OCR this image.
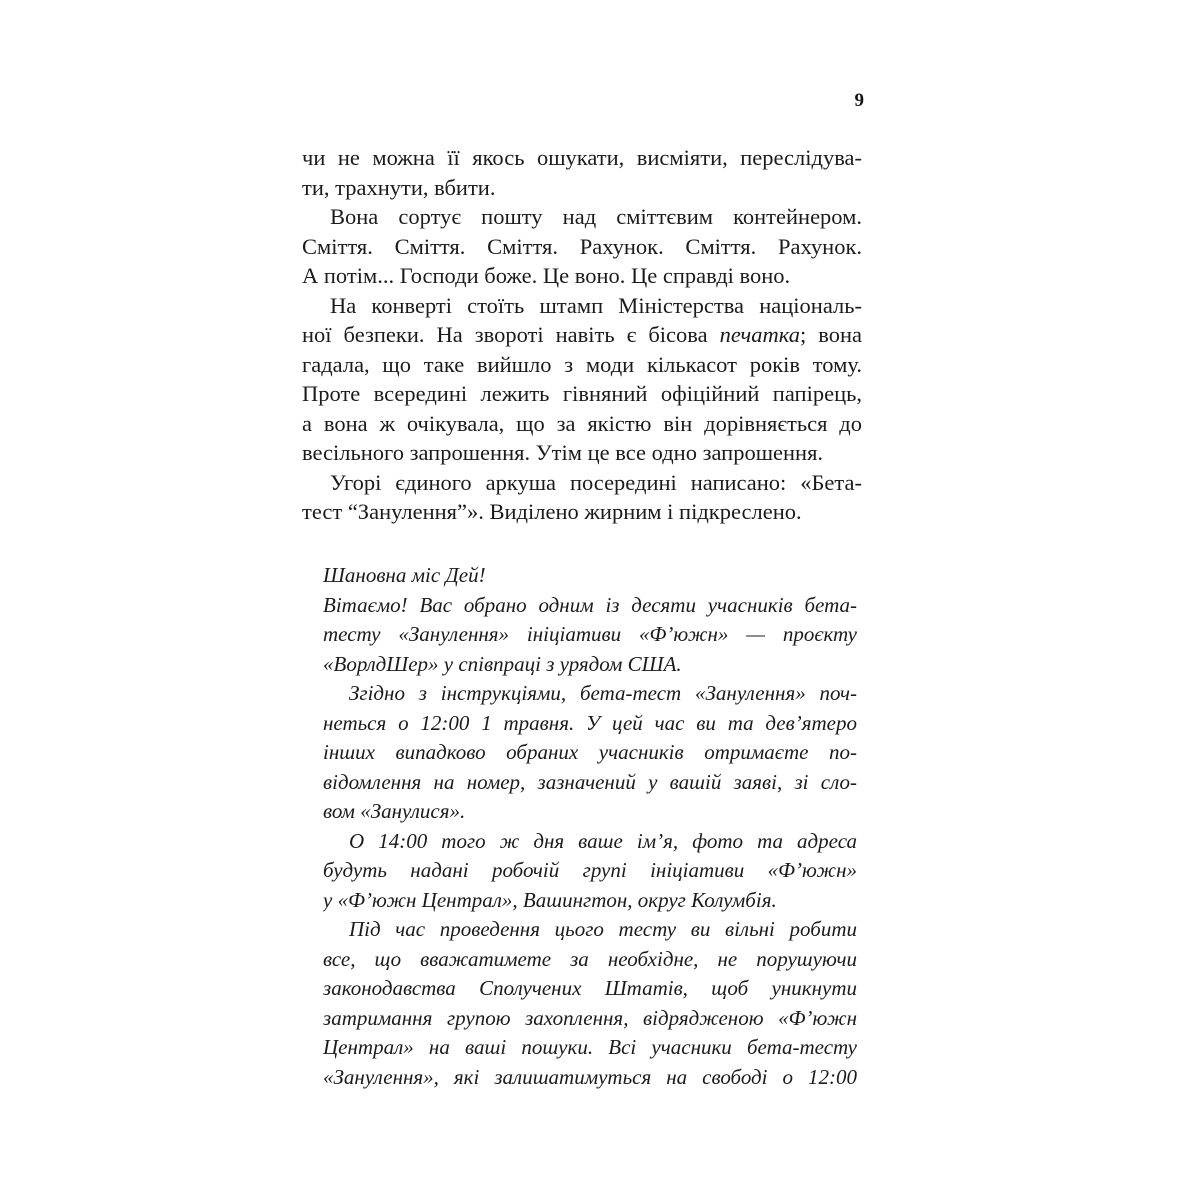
9
чи не можна її якось ошукати, висміяти, переслідува-
ти, трахнути, вбити.
Вона сортує пошту над сміттєвим контейнером.
Сміття. Сміття. Сміття. Рахунок. Сміття. Рахунок.
А потім... Господи боже. Це воно. Це справді воно.
На конверті стоїть штамп Міністерства національ-
ної безпеки. На звороті навіть є бісова печатка; вона
гадала, що таке вийшло з моди кількасот років тому.
Проте всередині лежить гівняний офіційний папірець,
а вона ж очікувала, що за якістю він дорівняється до
весільного запрошення. Утім це все одно запрошення.
Угорі єдиного аркуша посередині написано: «Бета-
тест “Занулення”». Виділено жирним і підкреслено.
Шановна міс Дей!
Вітаємо! Вас обрано одним із десяти учасників бета-
тесту «Занулення» ініціативи «Ф’южн» — проєкту
«ВорлдШер» у співпраці з урядом США.
Згідно з інструкціями, бета-тест «Занулення» поч-
неться о 12:00 1 травня. У цей час ви та дев’ятеро
інших випадково обраних учасників отримаєте по-
відомлення на номер, зазначений у вашій заяві, зі сло-
вом «Занулися».
О 14:00 того ж дня ваше ім’я, фото та адреса
будуть надані робочій групі ініціативи «Ф’южн»
у «Ф’южн Централ», Вашингтон, округ Колумбія.
Під час проведення цього тесту ви вільні робити
все, що вважатимете за необхідне, не порушуючи
законодавства Сполучених Штатів, щоб уникнути
затримання групою захоплення, відрядженою «Ф’южн
Централ» на ваші пошуки. Всі учасники бета-тесту
«Занулення», які залишатимуться на свободі о 12:00
